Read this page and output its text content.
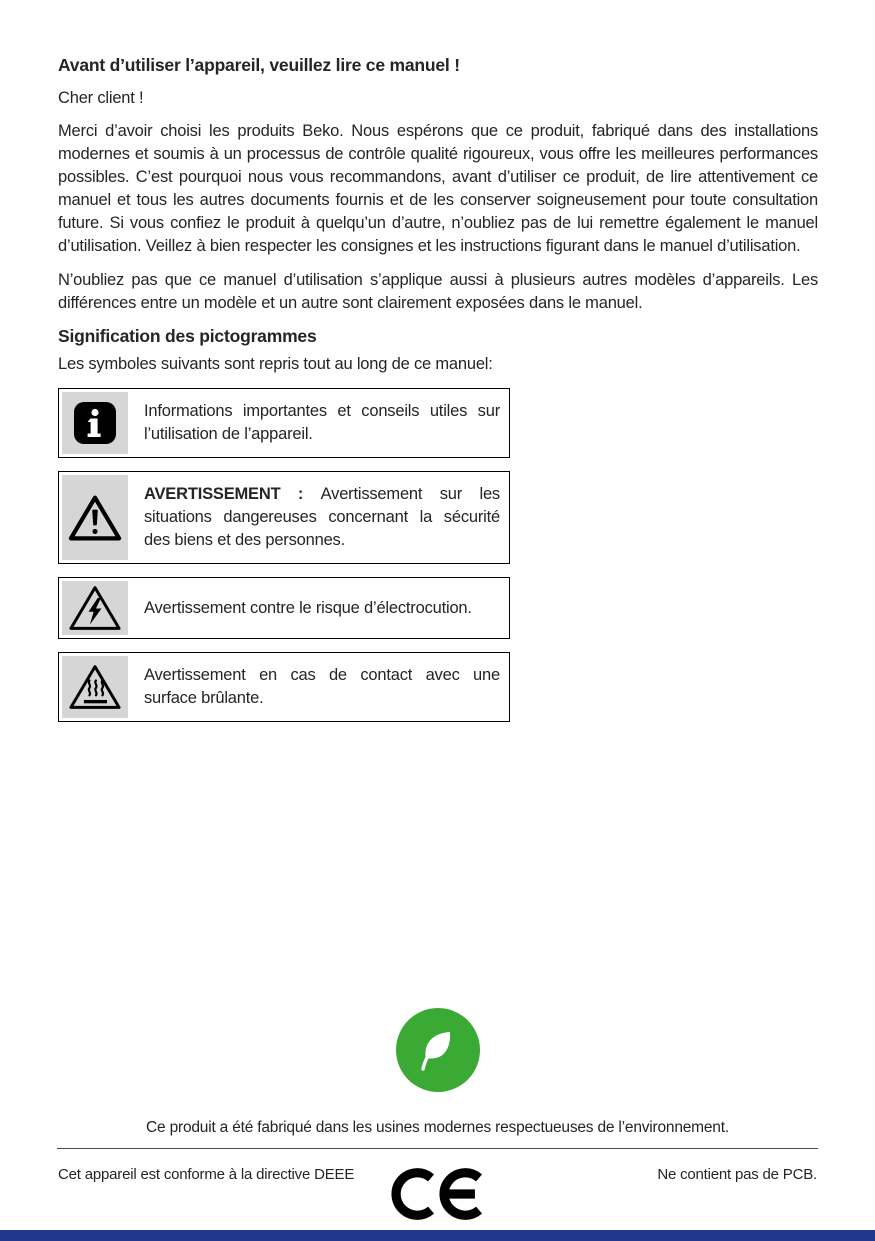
Avant d’utiliser l’appareil, veuillez lire ce manuel !

Cher client !

Merci d’avoir choisi les produits Beko. Nous espérons que ce produit, fabriqué dans des installations modernes et soumis à un processus de contrôle qualité rigoureux, vous offre les meilleures performances possibles. C’est pourquoi nous vous recommandons, avant d’utiliser ce produit, de lire attentivement ce manuel et tous les autres documents fournis et de les conserver soigneusement pour toute consultation future. Si vous confiez le produit à quelqu’un d’autre, n’oubliez pas de lui remettre également le manuel d’utilisation. Veillez à bien respecter les consignes et les instructions figurant dans le manuel d’utilisation.

N’oubliez pas que ce manuel d’utilisation s’applique aussi à plusieurs autres modèles d’appareils. Les différences entre un modèle et un autre sont clairement exposées dans le manuel.

Signification des pictogrammes

Les symboles suivants sont repris tout au long de ce manuel:

Informations importantes et conseils utiles sur l’utilisation de l’appareil.
AVERTISSEMENT : Avertissement sur les situations dangereuses concernant la sécurité des biens et des personnes.
Avertissement contre le risque d’électrocution.
Avertissement en cas de contact avec une surface brûlante.
Ce produit a été fabriqué dans les usines modernes respectueuses de l’environnement.
Cet appareil est conforme à la directive DEEE	Ne contient pas de PCB.
